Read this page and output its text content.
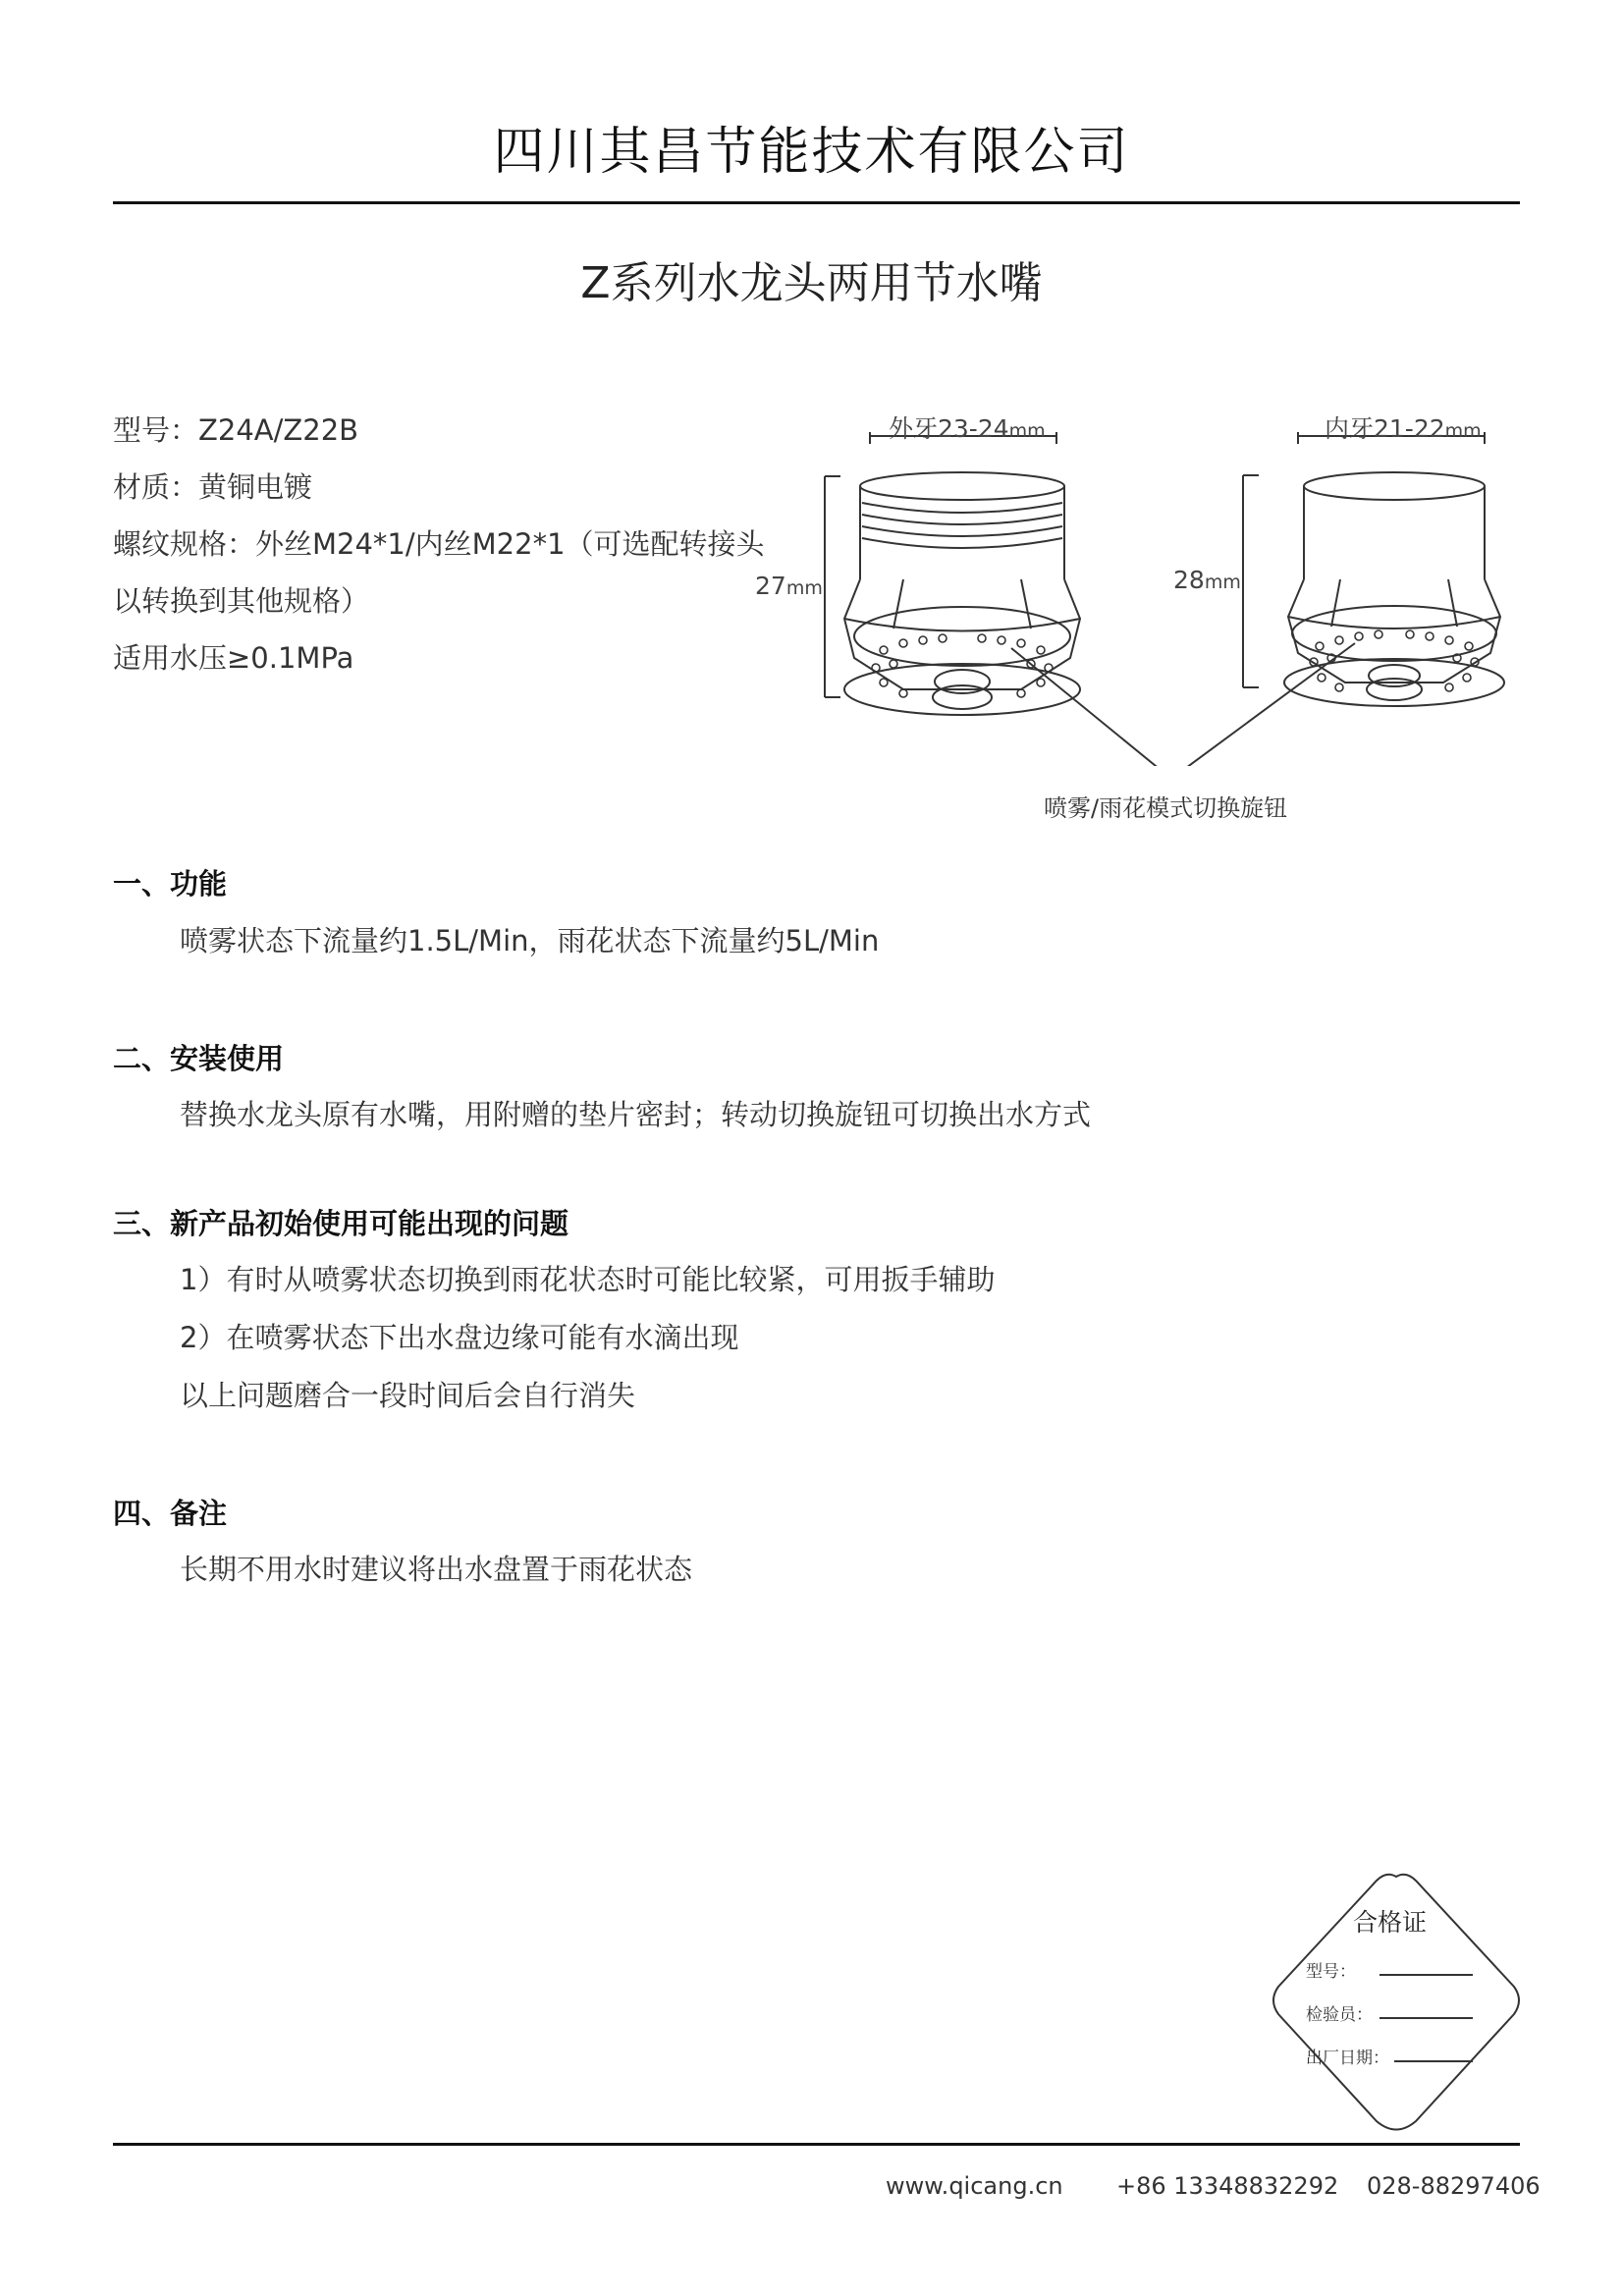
四川其昌节能技术有限公司
Z系列水龙头两用节水嘴
型号：Z24A/Z22B
材质：黄铜电镀
螺纹规格：外丝M24*1/内丝M22*1（可选配转接头
以转换到其他规格）
适用水压≥0.1MPa
外牙23-24mm	内牙21-22mm
27mm	28mm
喷雾/雨花模式切换旋钮
一、功能
喷雾状态下流量约1.5L/Min，雨花状态下流量约5L/Min
二、安装使用
替换水龙头原有水嘴，用附赠的垫片密封；转动切换旋钮可切换出水方式
三、新产品初始使用可能出现的问题
1）有时从喷雾状态切换到雨花状态时可能比较紧，可用扳手辅助
2）在喷雾状态下出水盘边缘可能有水滴出现
以上问题磨合一段时间后会自行消失
四、备注
长期不用水时建议将出水盘置于雨花状态
合格证
型号：
检验员：
出厂日期：
www.qicang.cn +86 13348832292 028-88297406
